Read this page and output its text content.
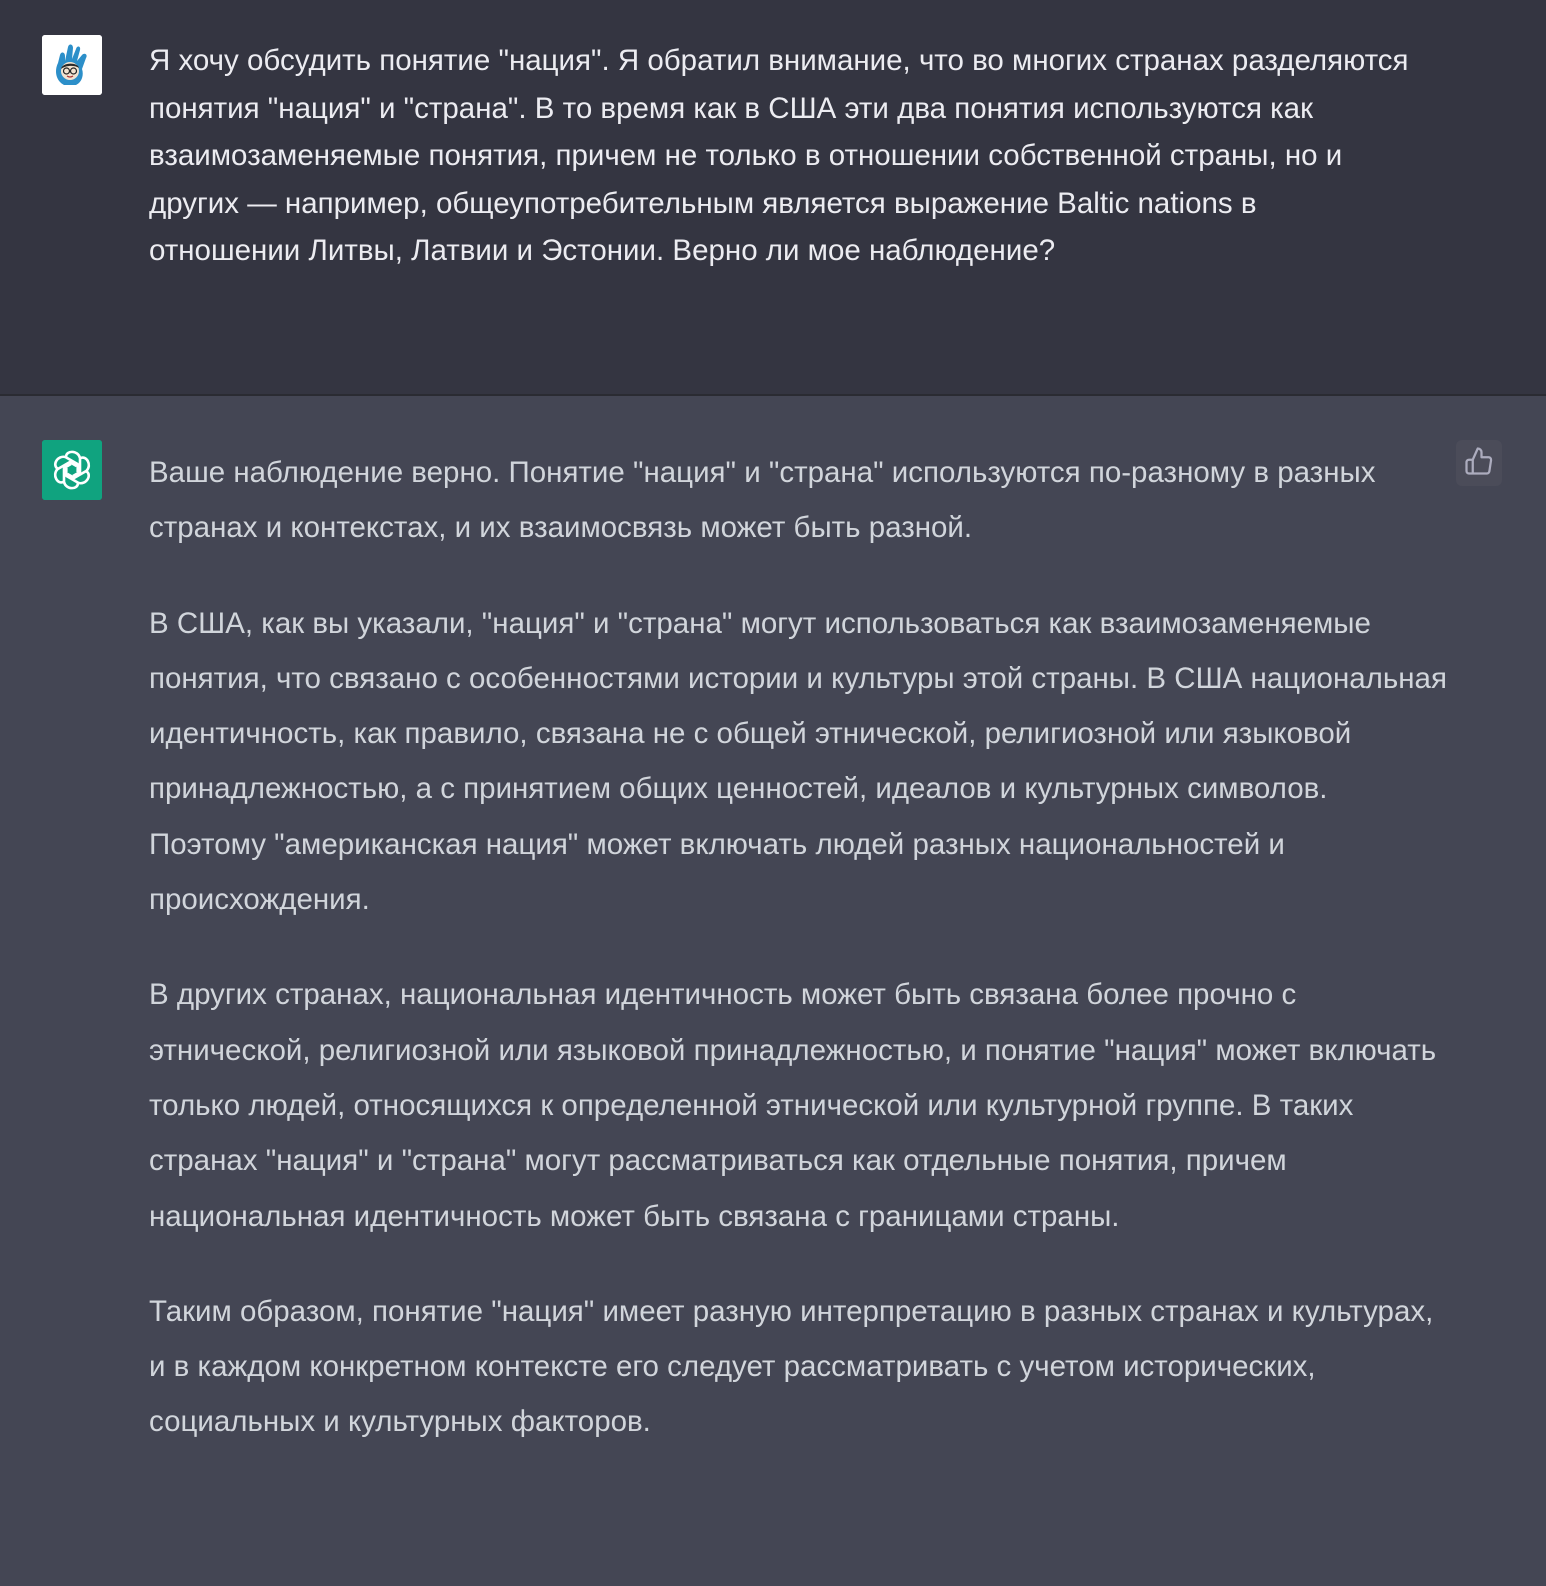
Я хочу обсудить понятие "нация". Я обратил внимание, что во многих странах разделяются понятия "нация" и "страна". В то время как в США эти два понятия используются как взаимозаменяемые понятия, причем не только в отношении собственной страны, но и других — например, общеупотребительным является выражение Baltic nations в отношении Литвы, Латвии и Эстонии. Верно ли мое наблюдение?

Ваше наблюдение верно. Понятие "нация" и "страна" используются по-разному в разных странах и контекстах, и их взаимосвязь может быть разной.

В США, как вы указали, "нация" и "страна" могут использоваться как взаимозаменяемые понятия, что связано с особенностями истории и культуры этой страны. В США национальная идентичность, как правило, связана не с общей этнической, религиозной или языковой принадлежностью, а с принятием общих ценностей, идеалов и культурных символов. Поэтому "американская нация" может включать людей разных национальностей и происхождения.

В других странах, национальная идентичность может быть связана более прочно с этнической, религиозной или языковой принадлежностью, и понятие "нация" может включать только людей, относящихся к определенной этнической или культурной группе. В таких странах "нация" и "страна" могут рассматриваться как отдельные понятия, причем национальная идентичность может быть связана с границами страны.

Таким образом, понятие "нация" имеет разную интерпретацию в разных странах и культурах, и в каждом конкретном контексте его следует рассматривать с учетом исторических, социальных и культурных факторов.
